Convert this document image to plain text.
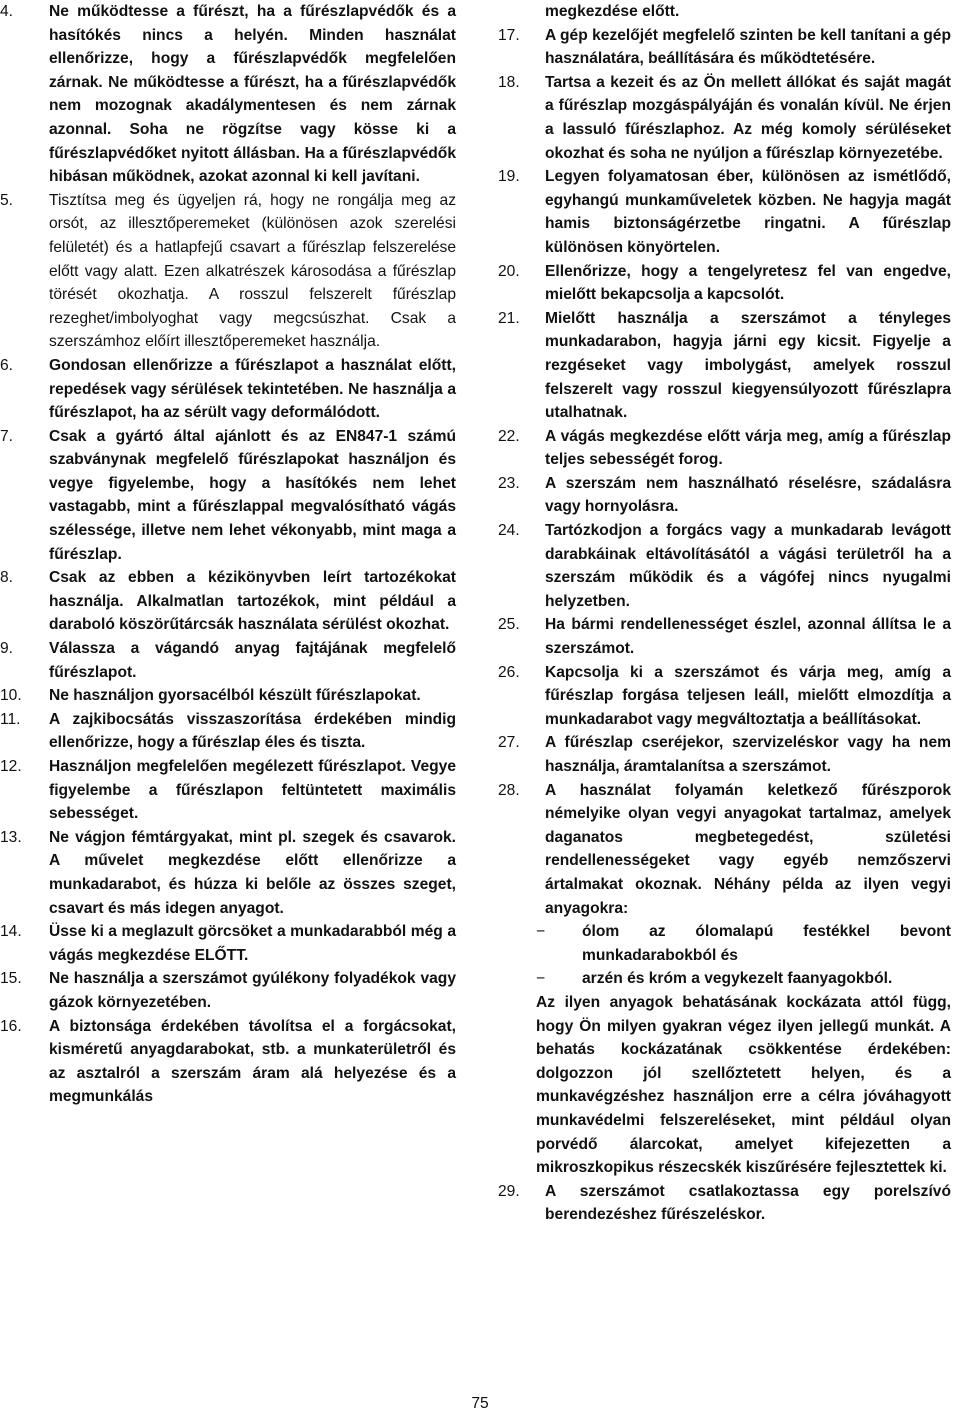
4.	Ne működtesse a fűrészt, ha a fűrészlapvédők és a hasítókés nincs a helyén. Minden használat ellenőrizze, hogy a fűrészlapvédők megfelelően zárnak. Ne működtesse a fűrészt, ha a fűrészlapvédők nem mozognak akadálymentesen és nem zárnak azonnal. Soha ne rögzítse vagy kösse ki a fűrészlapvédőket nyitott állásban. Ha a fűrészlapvédők hibásan működnek, azokat azonnal ki kell javítani.
5.	Tisztítsa meg és ügyeljen rá, hogy ne rongálja meg az orsót, az illesztőperemeket (különösen azok szerelési felületét) és a hatlapfejű csavart a fűrészlap felszerelése előtt vagy alatt. Ezen alkatrészek károsodása a fűrészlap törését okozhatja. A rosszul felszerelt fűrészlap rezeghet/imbolyoghat vagy megcsúszhat. Csak a szerszámhoz előírt illesztőperemeket használja.
6.	Gondosan ellenőrizze a fűrészlapot a használat előtt, repedések vagy sérülések tekintetében. Ne használja a fűrészlapot, ha az sérült vagy deformálódott.
7.	Csak a gyártó által ajánlott és az EN847-1 számú szabványnak megfelelő fűrészlapokat használjon és vegye figyelembe, hogy a hasítókés nem lehet vastagabb, mint a fűrészlappal megvalósítható vágás szélessége, illetve nem lehet vékonyabb, mint maga a fűrészlap.
8.	Csak az ebben a kézikönyvben leírt tartozékokat használja. Alkalmatlan tartozékok, mint például a daraboló köszörűtárcsák használata sérülést okozhat.
9.	Válassza a vágandó anyag fajtájának megfelelő fűrészlapot.
10.	Ne használjon gyorsacélból készült fűrészlapokat.
11.	A zajkibocsátás visszaszorítása érdekében mindig ellenőrizze, hogy a fűrészlap éles és tiszta.
12.	Használjon megfelelően megélezett fűrészlapot. Vegye figyelembe a fűrészlapon feltüntetett maximális sebességet.
13.	Ne vágjon fémtárgyakat, mint pl. szegek és csavarok. A művelet megkezdése előtt ellenőrizze a munkadarabot, és húzza ki belőle az összes szeget, csavart és más idegen anyagot.
14.	Üsse ki a meglazult görcsöket a munkadarabból még a vágás megkezdése ELŐTT.
15.	Ne használja a szerszámot gyúlékony folyadékok vagy gázok környezetében.
16.	A biztonsága érdekében távolítsa el a forgácsokat, kisméretű anyagdarabokat, stb. a munkaterületről és az asztalról a szerszám áram alá helyezése és a megmunkálás
megkezdése előtt.
17.	A gép kezelőjét megfelelő szinten be kell tanítani a gép használatára, beállítására és működtetésére.
18.	Tartsa a kezeit és az Ön mellett állókat és saját magát a fűrészlap mozgáspályáján és vonalán kívül. Ne érjen a lassuló fűrészlaphoz. Az még komoly sérüléseket okozhat és soha ne nyúljon a fűrészlap környezetébe.
19.	Legyen folyamatosan éber, különösen az ismétlődő, egyhangú munkaműveletek közben. Ne hagyja magát hamis biztonságérzetbe ringatni. A fűrészlap különösen könyörtelen.
20.	Ellenőrizze, hogy a tengelyretesz fel van engedve, mielőtt bekapcsolja a kapcsolót.
21.	Mielőtt használja a szerszámot a tényleges munkadarabon, hagyja járni egy kicsit. Figyelje a rezgéseket vagy imbolygást, amelyek rosszul felszerelt vagy rosszul kiegyensúlyozott fűrészlapra utalhatnak.
22.	A vágás megkezdése előtt várja meg, amíg a fűrészlap teljes sebességét forog.
23.	A szerszám nem használható réselésre, szádalásra vagy hornyolásra.
24.	Tartózkodjon a forgács vagy a munkadarab levágott darabkáinak eltávolításától a vágási területről ha a szerszám működik és a vágófej nincs nyugalmi helyzetben.
25.	Ha bármi rendellenességet észlel, azonnal állítsa le a szerszámot.
26.	Kapcsolja ki a szerszámot és várja meg, amíg a fűrészlap forgása teljesen leáll, mielőtt elmozdítja a munkadarabot vagy megváltoztatja a beállításokat.
27.	A fűrészlap cseréjekor, szervizeléskor vagy ha nem használja, áramtalanítsa a szerszámot.
28.	A használat folyamán keletkező fűrészporok némelyike olyan vegyi anyagokat tartalmaz, amelyek daganatos megbetegedést, születési rendellenességeket vagy egyéb nemzőszervi ártalmakat okoznak. Néhány példa az ilyen vegyi anyagokra:
−	ólom az ólomalapú festékkel bevont munkadarabokból és
−	arzén és króm a vegykezelt faanyagokból.
Az ilyen anyagok behatásának kockázata attól függ, hogy Ön milyen gyakran végez ilyen jellegű munkát. A behatás kockázatának csökkentése érdekében: dolgozzon jól szellőztetett helyen, és a munkavégzéshez használjon erre a célra jóváhagyott munkavédelmi felszereléseket, mint például olyan porvédő álarcokat, amelyet kifejezetten a mikroszkopikus részecskék kiszűrésére fejlesztettek ki.
29.	A szerszámot csatlakoztassa egy porelszívó berendezéshez fűrészeléskor.
75
